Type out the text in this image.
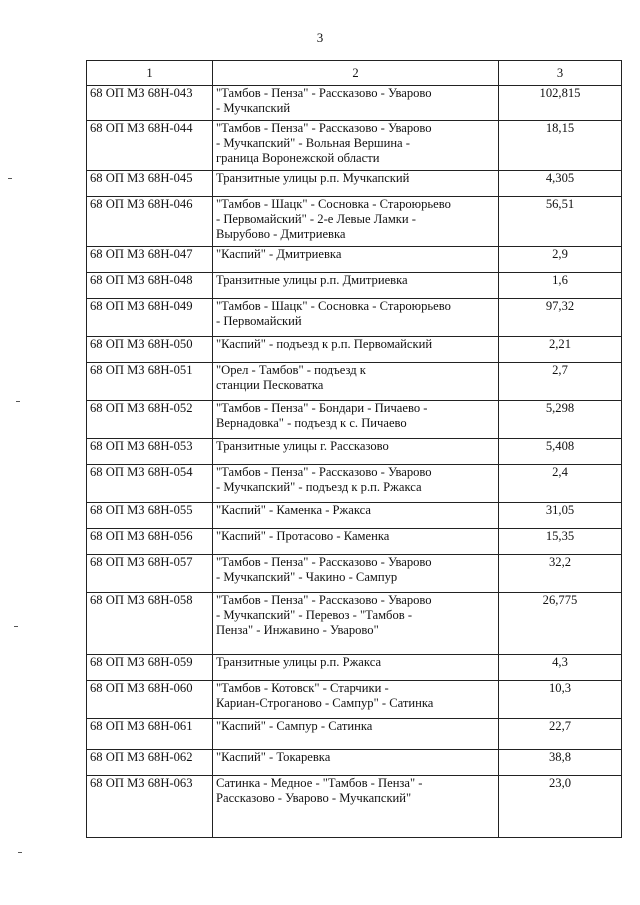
3
1	2	3
68 ОП МЗ 68Н-043	"Тамбов - Пенза" - Рассказово - Уварово
- Мучкапский	102,815
68 ОП МЗ 68Н-044	"Тамбов - Пенза" - Рассказово - Уварово
- Мучкапский" - Вольная Вершина -
граница Воронежской области	18,15
68 ОП МЗ 68Н-045	Транзитные улицы р.п. Мучкапский	4,305
68 ОП МЗ 68Н-046	"Тамбов - Шацк" - Сосновка - Староюрьево
- Первомайский" - 2-е Левые Ламки -
Вырубово - Дмитриевка	56,51
68 ОП МЗ 68Н-047	"Каспий" - Дмитриевка	2,9
68 ОП МЗ 68Н-048	Транзитные улицы р.п. Дмитриевка	1,6
68 ОП МЗ 68Н-049	"Тамбов - Шацк" - Сосновка - Староюрьево
- Первомайский	97,32
68 ОП МЗ 68Н-050	"Каспий" - подъезд к р.п. Первомайский	2,21
68 ОП МЗ 68Н-051	"Орел - Тамбов" - подъезд к
станции Песковатка	2,7
68 ОП МЗ 68Н-052	"Тамбов - Пенза" - Бондари - Пичаево -
Вернадовка" - подъезд к с. Пичаево	5,298
68 ОП МЗ 68Н-053	Транзитные улицы г. Рассказово	5,408
68 ОП МЗ 68Н-054	"Тамбов - Пенза" - Рассказово - Уварово
- Мучкапский" - подъезд к р.п. Ржакса	2,4
68 ОП МЗ 68Н-055	"Каспий" - Каменка - Ржакса	31,05
68 ОП МЗ 68Н-056	"Каспий" - Протасово - Каменка	15,35
68 ОП МЗ 68Н-057	"Тамбов - Пенза" - Рассказово - Уварово
- Мучкапский" - Чакино - Сампур	32,2
68 ОП МЗ 68Н-058	"Тамбов - Пенза" - Рассказово - Уварово
- Мучкапский" - Перевоз - "Тамбов -
Пенза" - Инжавино - Уварово"	26,775
68 ОП МЗ 68Н-059	Транзитные улицы р.п. Ржакса	4,3
68 ОП МЗ 68Н-060	"Тамбов - Котовск" - Старчики -
Кариан-Строганово - Сампур" - Сатинка	10,3
68 ОП МЗ 68Н-061	"Каспий" - Сампур - Сатинка	22,7
68 ОП МЗ 68Н-062	"Каспий" - Токаревка	38,8
68 ОП МЗ 68Н-063	Сатинка - Медное - "Тамбов - Пенза" -
Рассказово - Уварово - Мучкапский"	23,0
